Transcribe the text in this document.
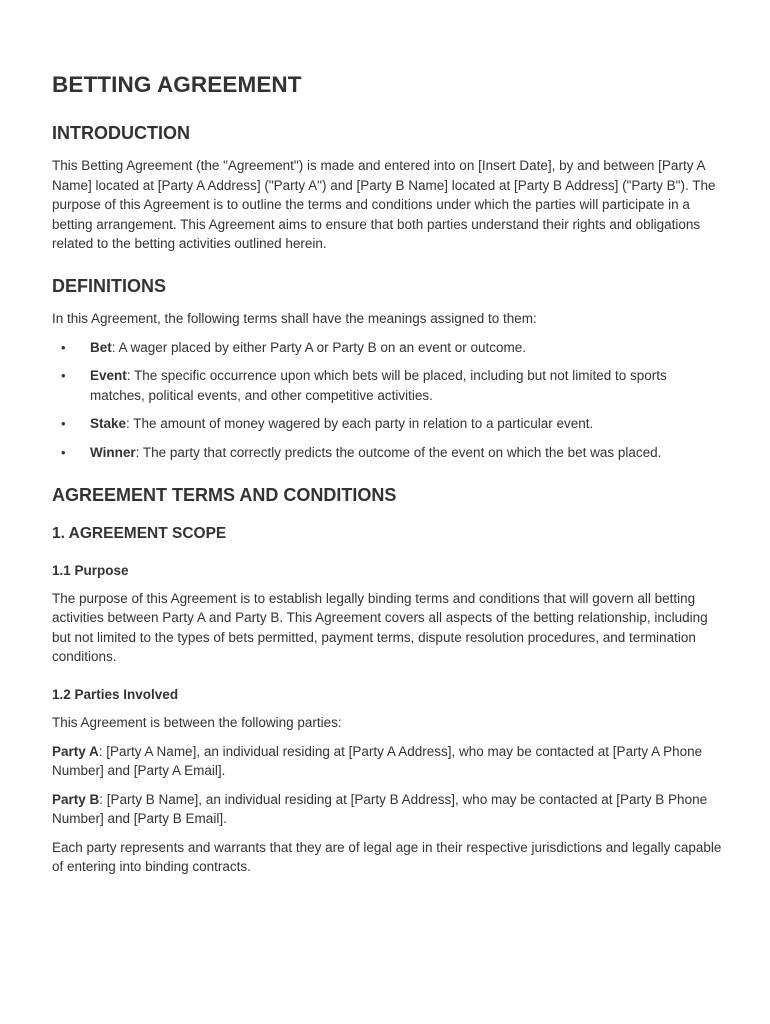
BETTING AGREEMENT
INTRODUCTION

This Betting Agreement (the "Agreement") is made and entered into on [Insert Date], by and between [Party A Name] located at [Party A Address] ("Party A") and [Party B Name] located at [Party B Address] ("Party B"). The purpose of this Agreement is to outline the terms and conditions under which the parties will participate in a betting arrangement. This Agreement aims to ensure that both parties understand their rights and obligations related to the betting activities outlined herein.

DEFINITIONS

In this Agreement, the following terms shall have the meanings assigned to them:

• Bet: A wager placed by either Party A or Party B on an event or outcome.
• Event: The specific occurrence upon which bets will be placed, including but not limited to sports matches, political events, and other competitive activities.
• Stake: The amount of money wagered by each party in relation to a particular event.
• Winner: The party that correctly predicts the outcome of the event on which the bet was placed.
AGREEMENT TERMS AND CONDITIONS
1. AGREEMENT SCOPE
1.1 Purpose

The purpose of this Agreement is to establish legally binding terms and conditions that will govern all betting activities between Party A and Party B. This Agreement covers all aspects of the betting relationship, including but not limited to the types of bets permitted, payment terms, dispute resolution procedures, and termination conditions.

1.2 Parties Involved

This Agreement is between the following parties:

Party A: [Party A Name], an individual residing at [Party A Address], who may be contacted at [Party A Phone Number] and [Party A Email].

Party B: [Party B Name], an individual residing at [Party B Address], who may be contacted at [Party B Phone Number] and [Party B Email].

Each party represents and warrants that they are of legal age in their respective jurisdictions and legally capable of entering into binding contracts.
